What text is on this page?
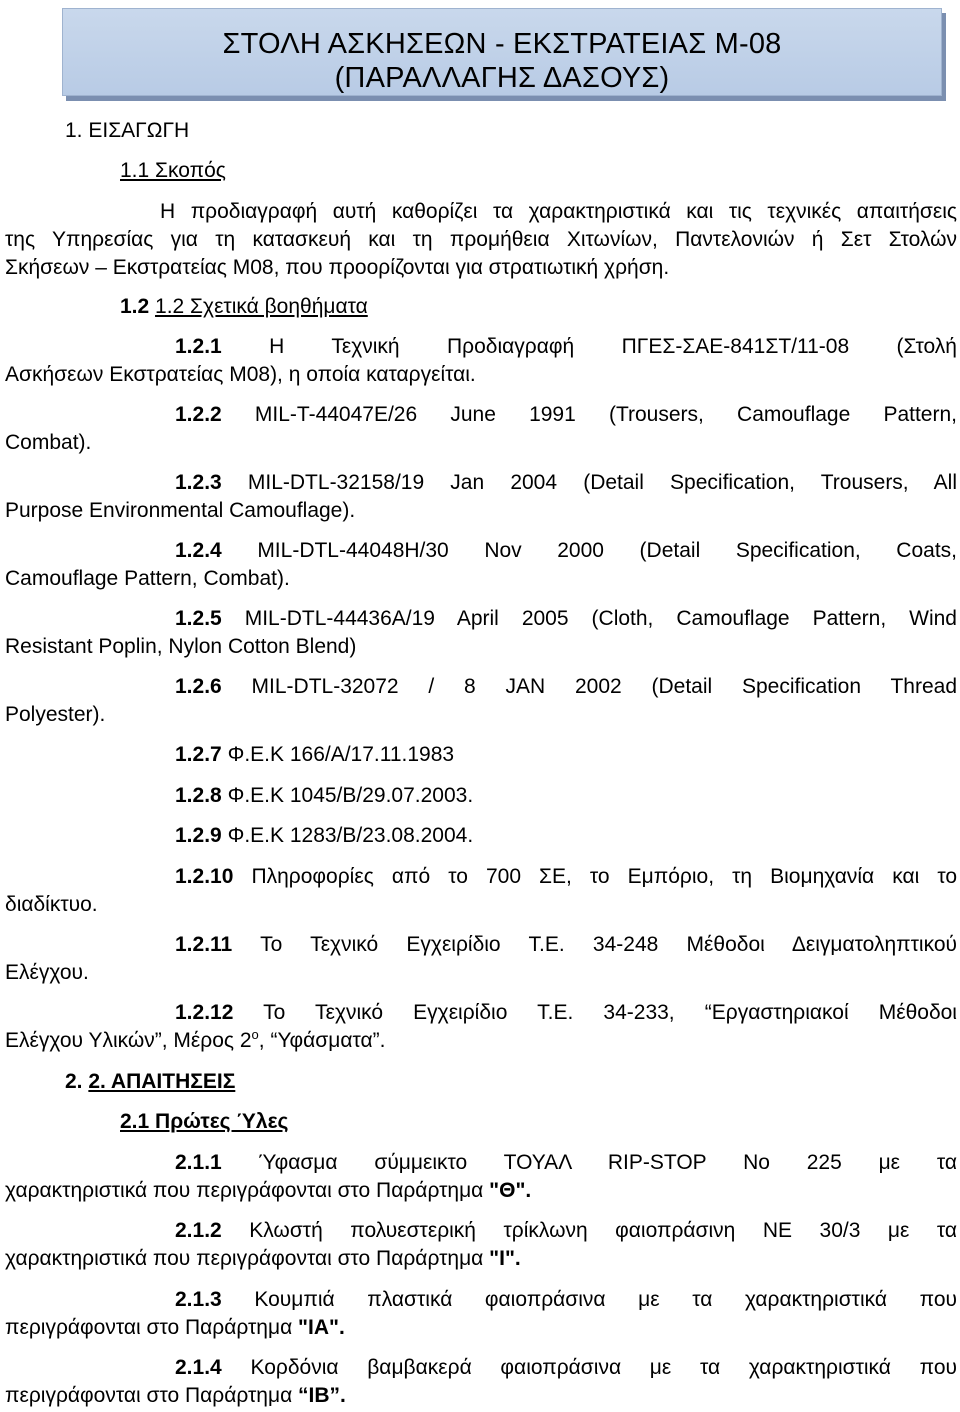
ΣΤΟΛΗ ΑΣΚΗΣΕΩΝ - ΕΚΣΤΡΑΤΕΙΑΣ Μ-08
(ΠΑΡΑΛΛΑΓΗΣ ΔΑΣΟΥΣ)
1. ΕΙΣΑΓΩΓΗ
1.1 Σκοπός
Η προδιαγραφή αυτή καθορίζει τα χαρακτηριστικά και τις τεχνικές απαιτήσεις
της Υπηρεσίας για τη κατασκευή και τη προμήθεια Χιτωνίων, Παντελονιών ή Σετ Στολών
Σκήσεων – Εκστρατείας Μ08, που προορίζονται για στρατιωτική χρήση.
1.2 1.2 Σχετικά βοηθήματα
1.2.1 Η Τεχνική Προδιαγραφή ΠΓΕΣ-ΣΑΕ-841ΣΤ/11-08 (Στολή
Ασκήσεων Εκστρατείας Μ08), η οποία καταργείται.
1.2.2 MIL-T-44047E/26 June 1991 (Trousers, Camouflage Pattern,
Combat).
1.2.3 MIL-DTL-32158/19 Jan 2004 (Detail Specification, Trousers, All
Purpose Environmental Camouflage).
1.2.4 MIL-DTL-44048H/30 Nov 2000 (Detail Specification, Coats,
Camouflage Pattern, Combat).
1.2.5 MIL-DTL-44436A/19 April 2005 (Cloth, Camouflage Pattern, Wind
Resistant Poplin, Nylon Cotton Blend)
1.2.6 MIL-DTL-32072 / 8 JAN 2002 (Detail Specification Thread
Polyester).
1.2.7 Φ.Ε.Κ 166/Α/17.11.1983
1.2.8 Φ.Ε.Κ 1045/Β/29.07.2003.
1.2.9 Φ.Ε.Κ 1283/Β/23.08.2004.
1.2.10 Πληροφορίες από το 700 ΣΕ, το Εμπόριο, τη Βιομηχανία και το
διαδίκτυο.
1.2.11 Το Τεχνικό Εγχειρίδιο Τ.Ε. 34-248 Μέθοδοι Δειγματοληπτικού
Ελέγχου.
1.2.12 Το Τεχνικό Εγχειρίδιο Τ.Ε. 34-233, “Εργαστηριακοί Μέθοδοι
Ελέγχου Υλικών”, Μέρος $2^o$, “Υφάσματα”.
2. 2. ΑΠΑΙΤΗΣΕΙΣ
2.1 Πρώτες Ύλες
2.1.1 Ύφασμα σύμμεικτο ΤΟΥΑΛ RIP-STOP Νο 225 με τα
χαρακτηριστικά που περιγράφονται στο Παράρτημα "Θ".
2.1.2 Κλωστή πολυεστερική τρίκλωνη φαιοπράσινη ΝΕ 30/3 με τα
χαρακτηριστικά που περιγράφονται στο Παράρτημα "Ι".
2.1.3 Κουμπιά πλαστικά φαιοπράσινα με τα χαρακτηριστικά που
περιγράφονται στο Παράρτημα "ΙΑ".
2.1.4 Κορδόνια βαμβακερά φαιοπράσινα με τα χαρακτηριστικά που
περιγράφονται στο Παράρτημα “ΙΒ”.
